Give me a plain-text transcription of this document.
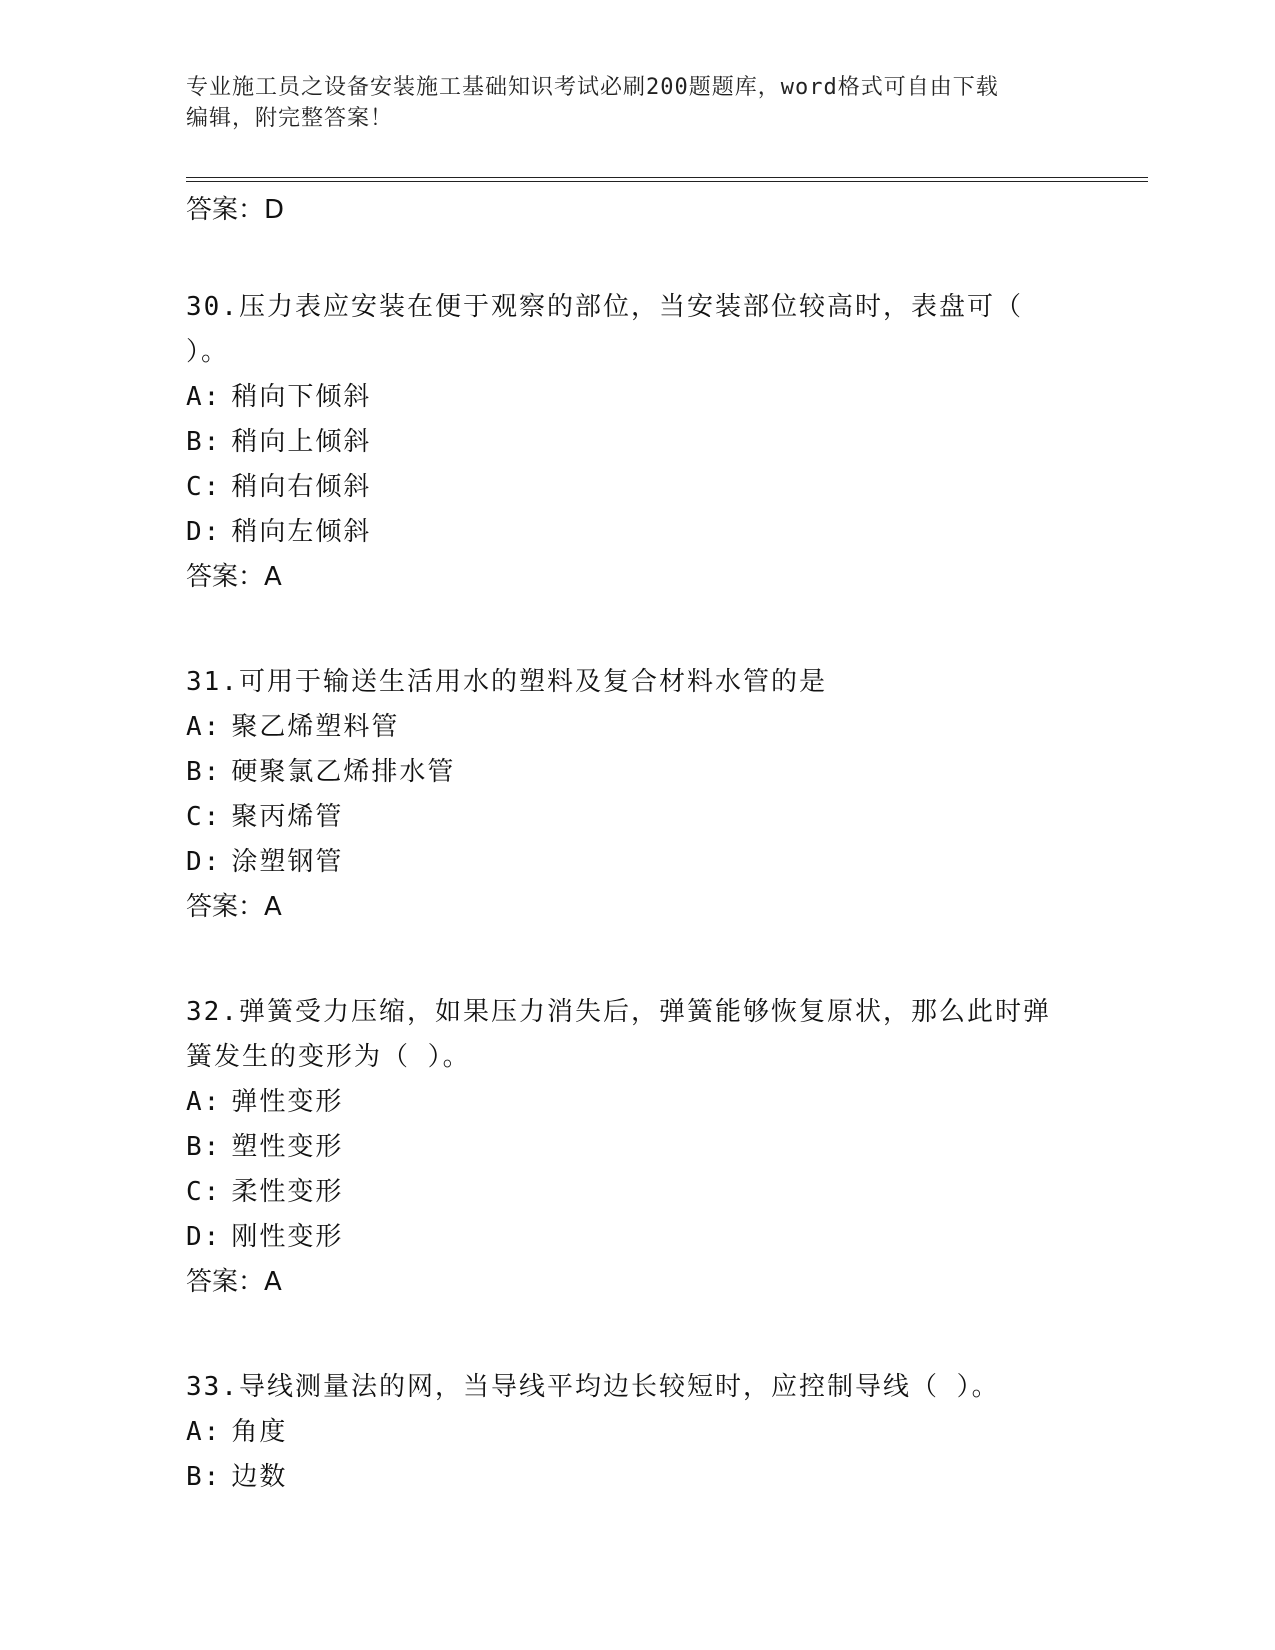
专业施工员之设备安装施工基础知识考试必刷200题题库，word格式可自由下载
编辑，附完整答案！
答案：D
30.压力表应安装在便于观察的部位，当安装部位较高时，表盘可（
）。
A: 稍向下倾斜
B: 稍向上倾斜
C: 稍向右倾斜
D: 稍向左倾斜
答案：A
31.可用于输送生活用水的塑料及复合材料水管的是
A: 聚乙烯塑料管
B: 硬聚氯乙烯排水管
C: 聚丙烯管
D: 涂塑钢管
答案：A
32.弹簧受力压缩，如果压力消失后，弹簧能够恢复原状，那么此时弹
簧发生的变形为（ ）。
A: 弹性变形
B: 塑性变形
C: 柔性变形
D: 刚性变形
答案：A
33.导线测量法的网，当导线平均边长较短时，应控制导线（ ）。
A: 角度
B: 边数
